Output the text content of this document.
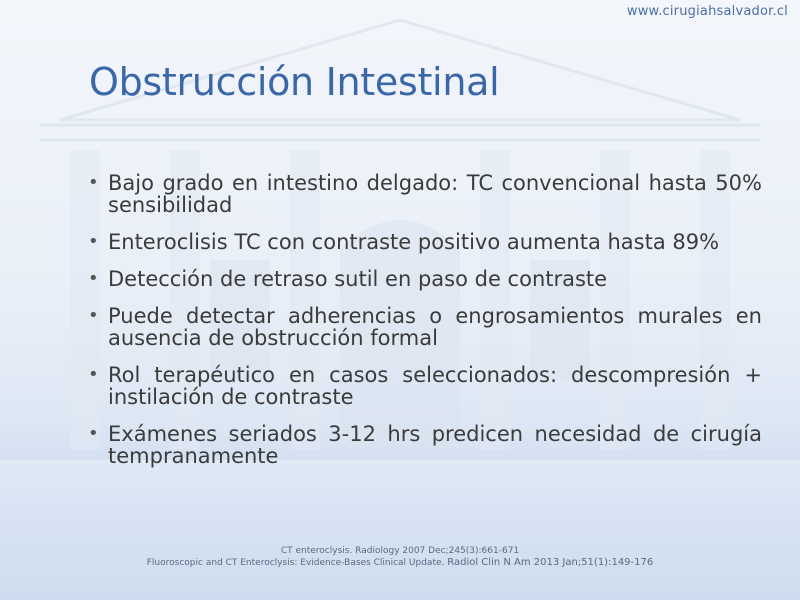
www.cirugiahsalvador.cl
Obstrucción Intestinal
• Bajo grado en intestino delgado: TC convencional hasta 50% sensibilidad
• Enteroclisis TC con contraste positivo aumenta hasta 89%
• Detección de retraso sutil en paso de contraste
• Puede detectar adherencias o engrosamientos murales en ausencia de obstrucción formal
• Rol terapéutico en casos seleccionados: descompresión + instilación de contraste
• Exámenes seriados 3-12 hrs predicen necesidad de cirugía tempranamente
CT enteroclysis. Radiology 2007 Dec;245(3):661-671
Fluoroscopic and CT Enteroclysis: Evidence-Bases Clinical Update. Radiol Clin N Am 2013 Jan;51(1):149-176
